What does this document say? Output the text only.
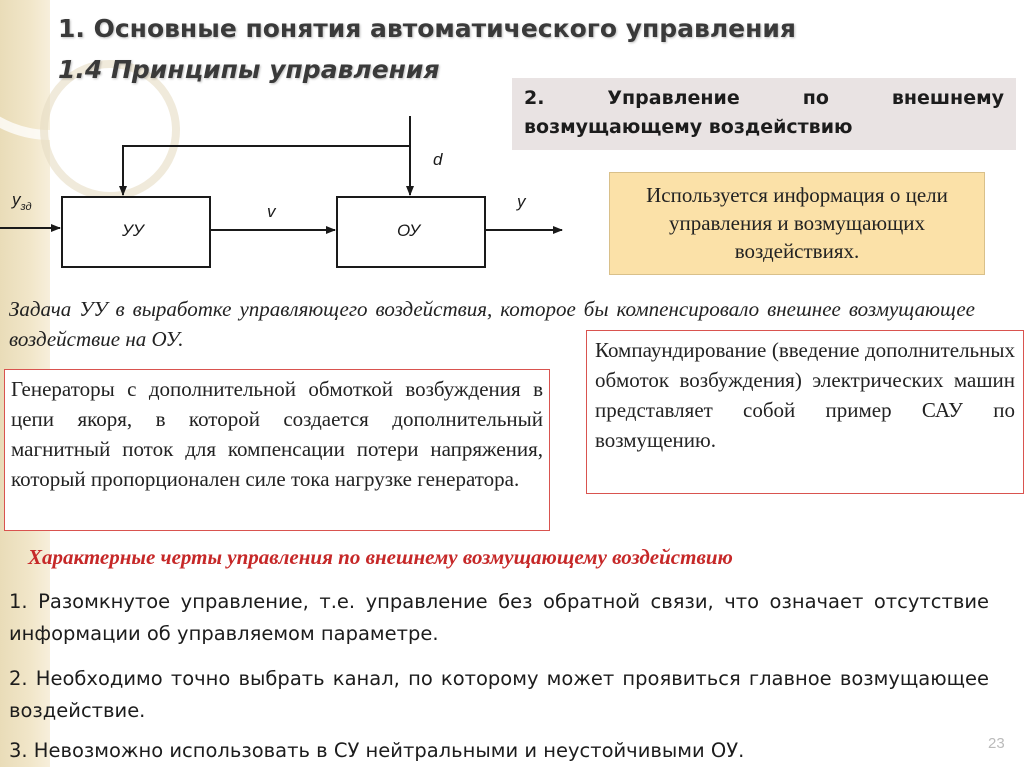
1. Основные понятия автоматического управления
1.4 Принципы управления
2. Управление по внешнему возмущающему воздействию
$y_{зд}$
УУ	ОУ
v
d
y	Используется информация о цели управления и возмущающих воздействиях.
Задача УУ в выработке управляющего воздействия, которое бы компенсировало внешнее возмущающее воздействие на ОУ.
Генераторы с дополнительной обмоткой возбуждения в цепи якоря, в которой создается дополнительный магнитный поток для компенсации потери напряжения, который пропорционален силе тока нагрузке генератора.
Компаундирование (введение дополнительных обмоток возбуждения) электрических машин представляет собой пример САУ по возмущению.
Характерные черты управления по внешнему возмущающему воздействию
1. Разомкнутое управление, т.е. управление без обратной связи, что означает отсутствие информации об управляемом параметре.
2. Необходимо точно выбрать канал, по которому может проявиться главное возмущающее воздействие.
3. Невозможно использовать в СУ нейтральными и неустойчивыми ОУ.	23
